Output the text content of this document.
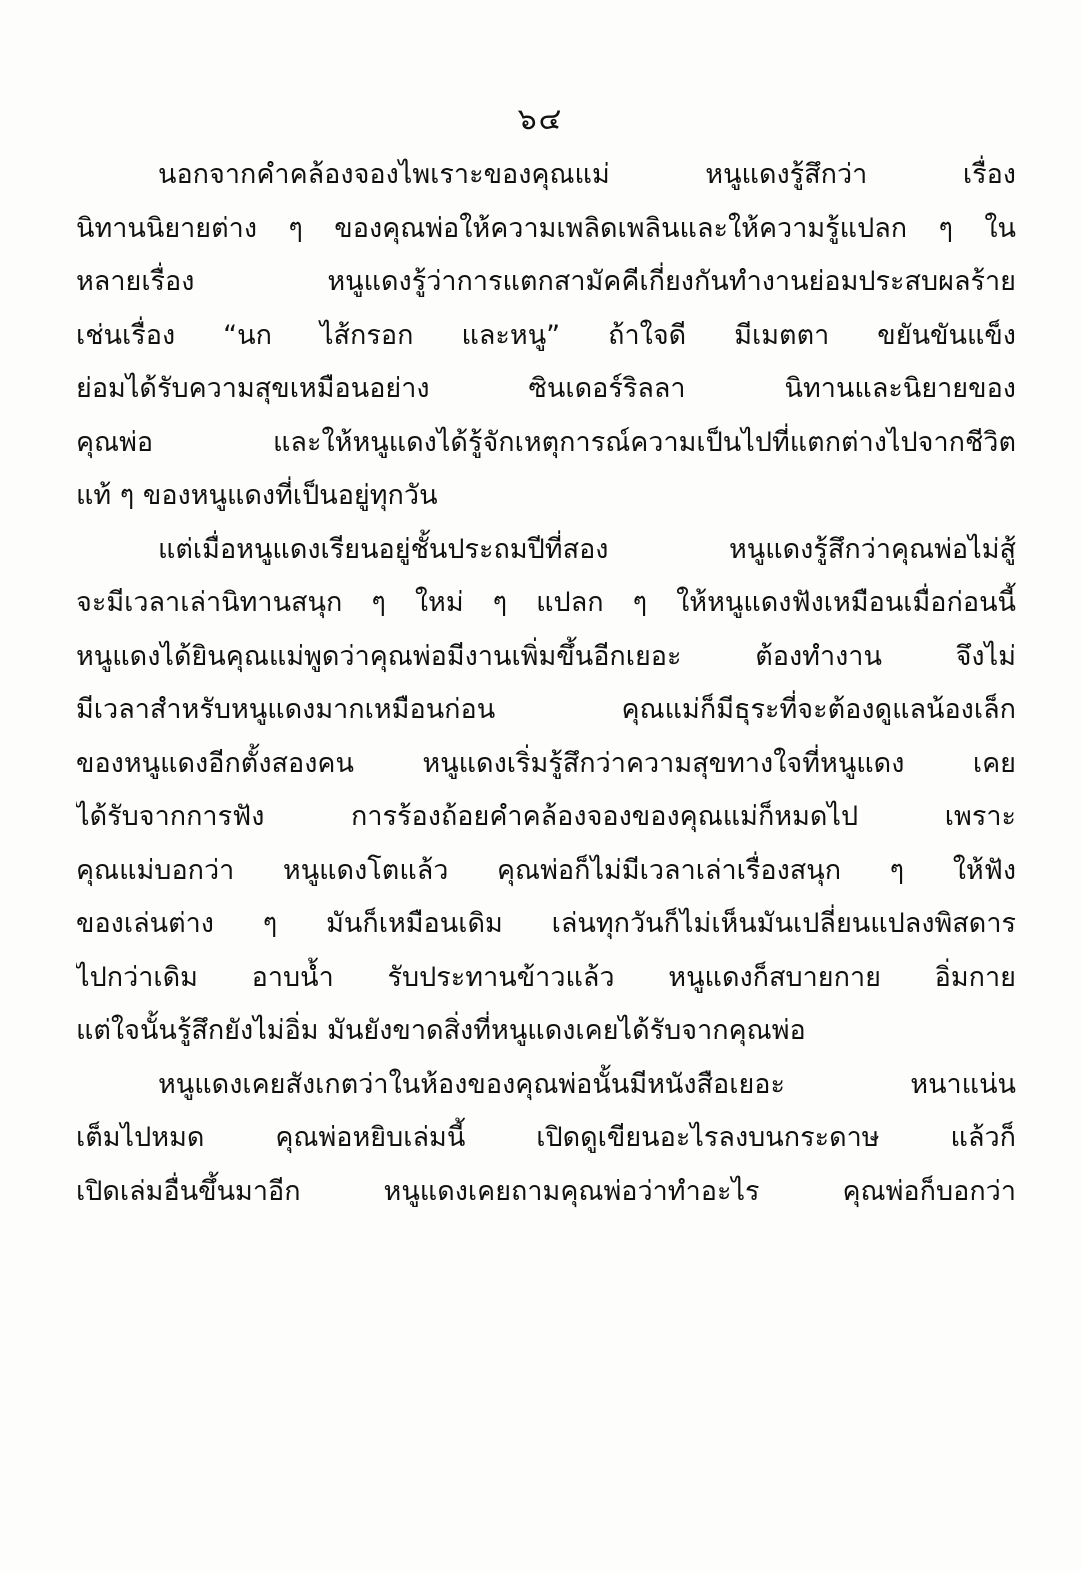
๖๔
นอกจากคำคล้องจองไพเราะของคุณแม่ หนูแดงรู้สึกว่า เรื่อง
นิทานนิยายต่าง ๆ ของคุณพ่อให้ความเพลิดเพลินและให้ความรู้แปลก ๆ ใน
หลายเรื่อง หนูแดงรู้ว่าการแตกสามัคคีเกี่ยงกันทำงานย่อมประสบผลร้าย
เช่นเรื่อง “นก ไส้กรอก และหนู” ถ้าใจดี มีเมตตา ขยันขันแข็ง
ย่อมได้รับความสุขเหมือนอย่าง ซินเดอร์ริลลา นิทานและนิยายของ
คุณพ่อ และให้หนูแดงได้รู้จักเหตุการณ์ความเป็นไปที่แตกต่างไปจากชีวิต
แท้ ๆ ของหนูแดงที่เป็นอยู่ทุกวัน
แต่เมื่อหนูแดงเรียนอยู่ชั้นประถมปีที่สอง หนูแดงรู้สึกว่าคุณพ่อไม่สู้
จะมีเวลาเล่านิทานสนุก ๆ ใหม่ ๆ แปลก ๆ ให้หนูแดงฟังเหมือนเมื่อก่อนนี้
หนูแดงได้ยินคุณแม่พูดว่าคุณพ่อมีงานเพิ่มขึ้นอีกเยอะ ต้องทำงาน จึงไม่
มีเวลาสำหรับหนูแดงมากเหมือนก่อน คุณแม่ก็มีธุระที่จะต้องดูแลน้องเล็ก
ของหนูแดงอีกตั้งสองคน หนูแดงเริ่มรู้สึกว่าความสุขทางใจที่หนูแดง เคย
ได้รับจากการฟัง การร้องถ้อยคำคล้องจองของคุณแม่ก็หมดไป เพราะ
คุณแม่บอกว่า หนูแดงโตแล้ว คุณพ่อก็ไม่มีเวลาเล่าเรื่องสนุก ๆ ให้ฟัง
ของเล่นต่าง ๆ มันก็เหมือนเดิม เล่นทุกวันก็ไม่เห็นมันเปลี่ยนแปลงพิสดาร
ไปกว่าเดิม อาบน้ำ รับประทานข้าวแล้ว หนูแดงก็สบายกาย อิ่มกาย
แต่ใจนั้นรู้สึกยังไม่อิ่ม มันยังขาดสิ่งที่หนูแดงเคยได้รับจากคุณพ่อ
หนูแดงเคยสังเกตว่าในห้องของคุณพ่อนั้นมีหนังสือเยอะ หนาแน่น
เต็มไปหมด คุณพ่อหยิบเล่มนี้ เปิดดูเขียนอะไรลงบนกระดาษ แล้วก็
เปิดเล่มอื่นขึ้นมาอีก หนูแดงเคยถามคุณพ่อว่าทำอะไร คุณพ่อก็บอกว่า
